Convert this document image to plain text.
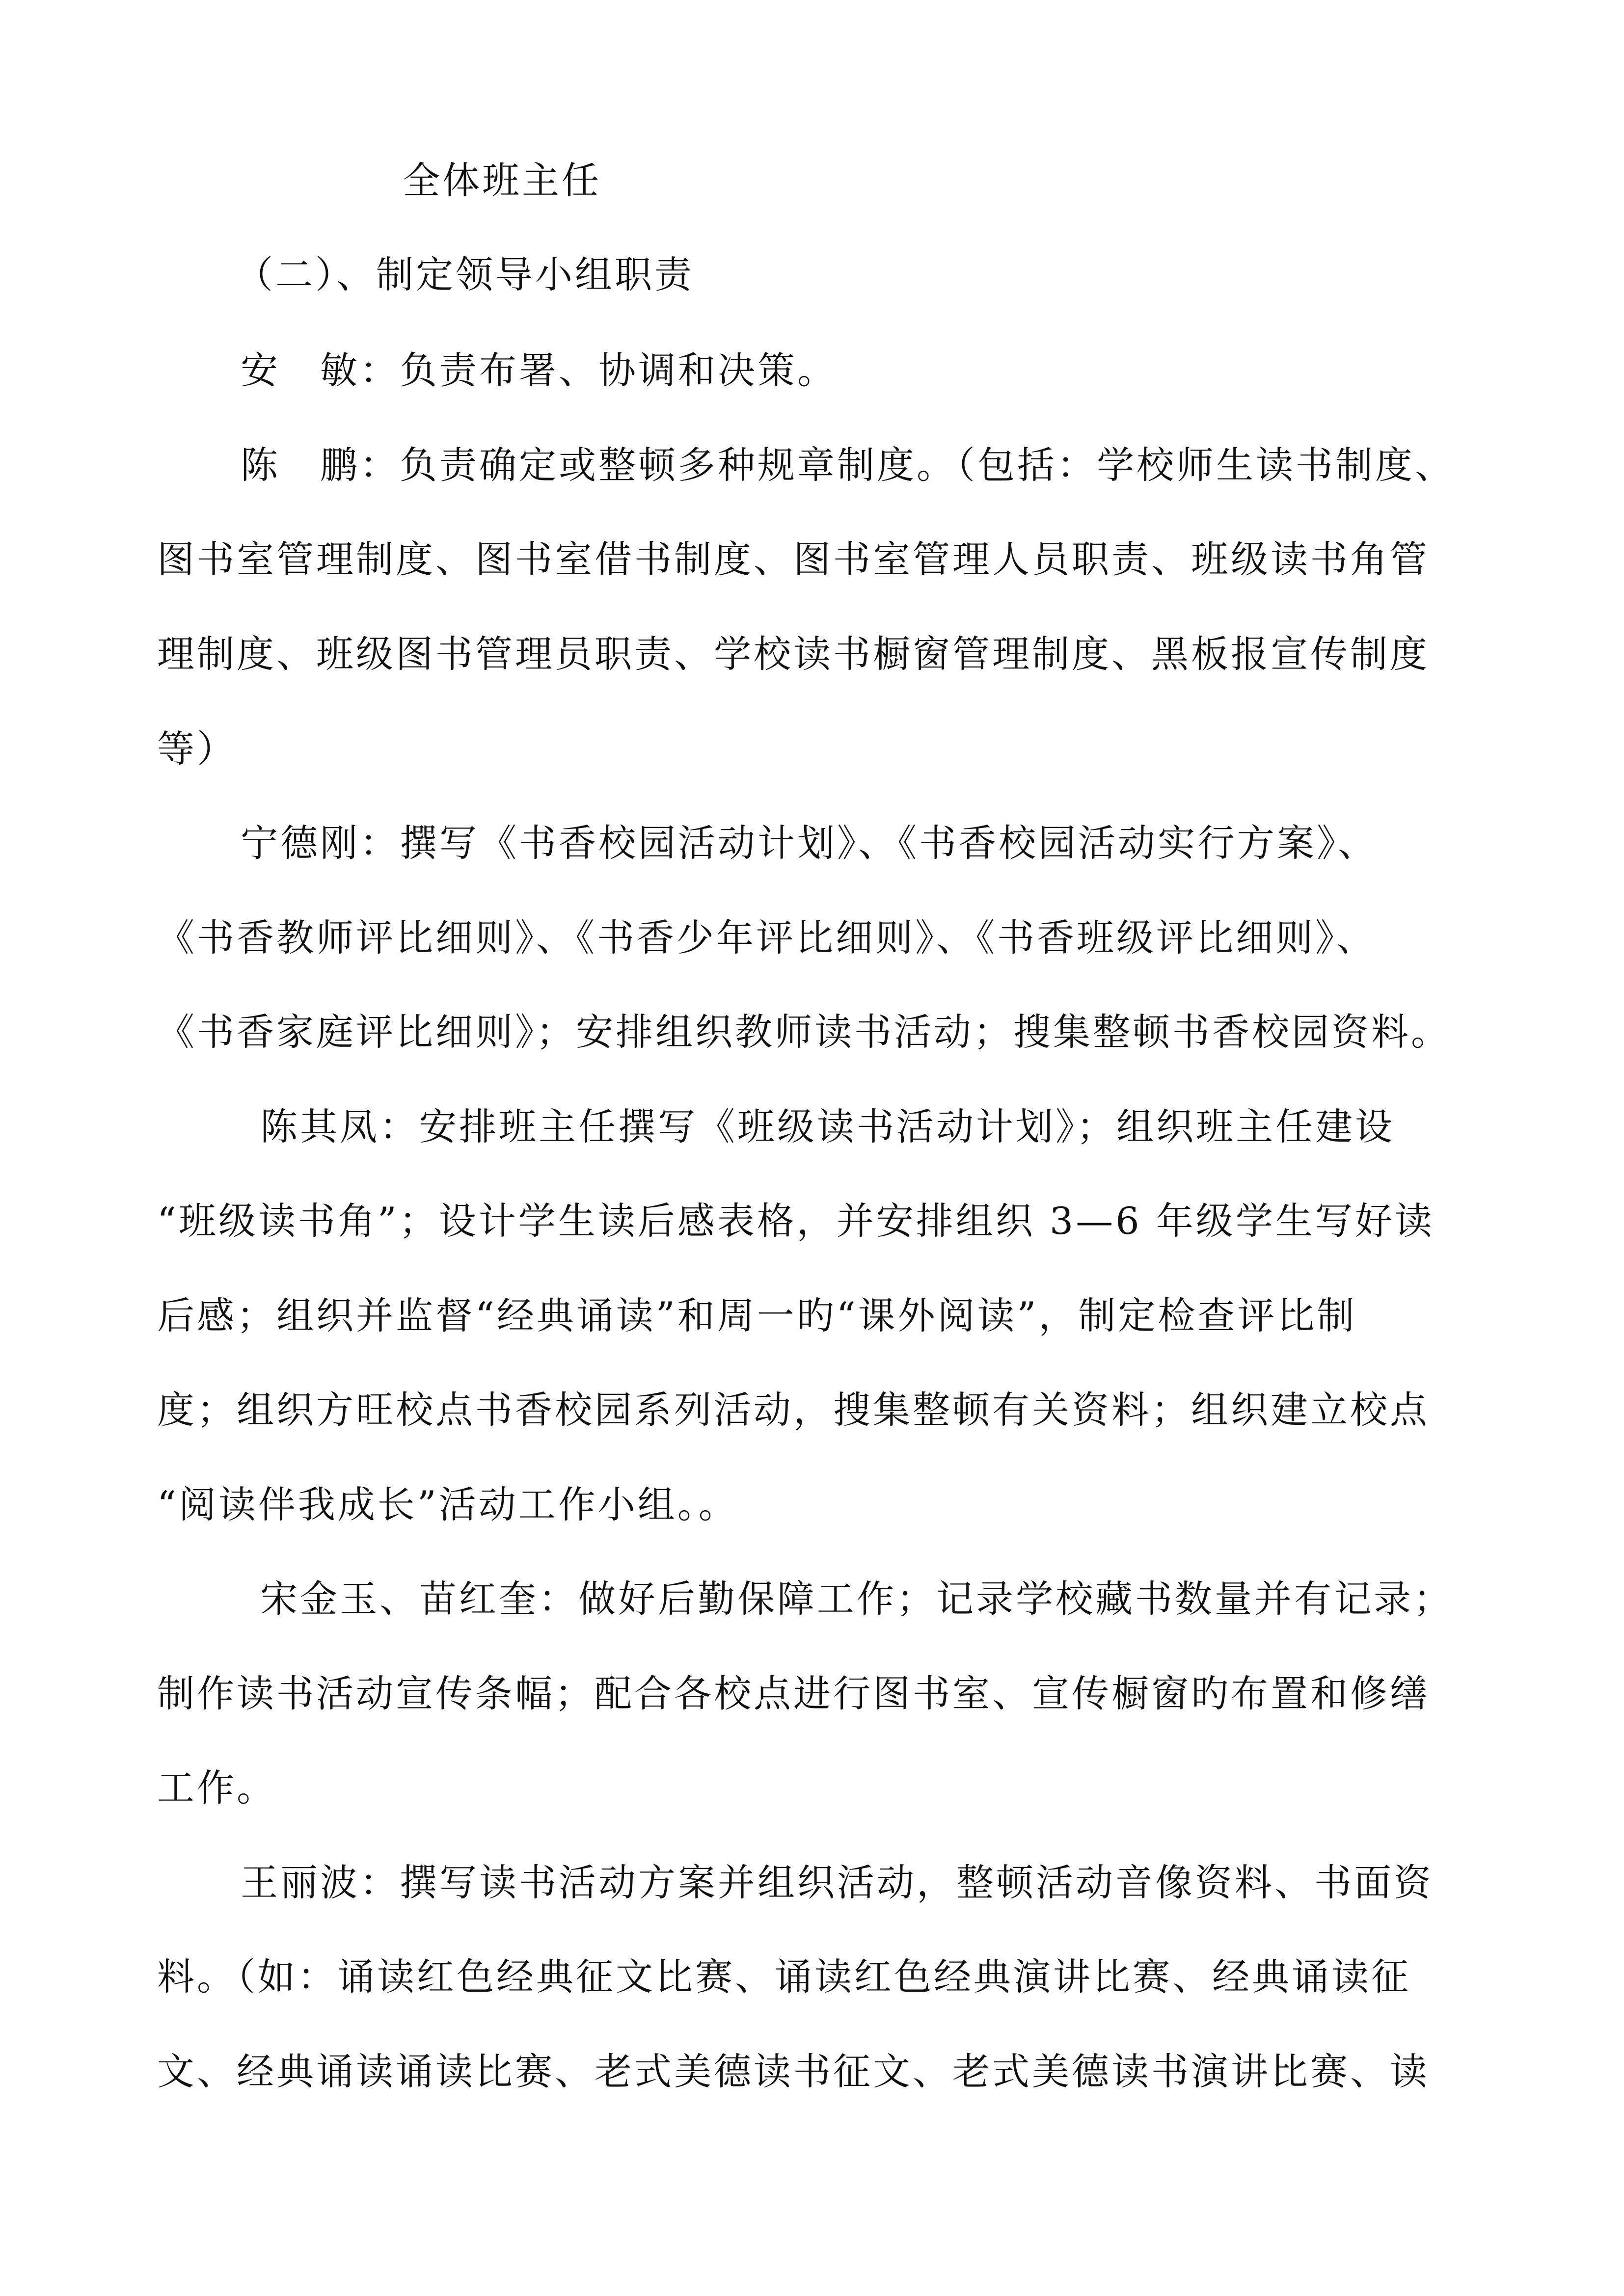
全体班主任
（二）、制定领导小组职责
安　敏：负责布署、协调和决策。
陈　鹏：负责确定或整顿多种规章制度。（包括：学校师生读书制度、
图书室管理制度、图书室借书制度、图书室管理人员职责、班级读书角管
理制度、班级图书管理员职责、学校读书橱窗管理制度、黑板报宣传制度
等）
宁德刚：撰写《书香校园活动计划》、《书香校园活动实行方案》、
《书香教师评比细则》、《书香少年评比细则》、《书香班级评比细则》、
《书香家庭评比细则》；安排组织教师读书活动；搜集整顿书香校园资料。
陈其凤：安排班主任撰写《班级读书活动计划》；组织班主任建设
“班级读书角”；设计学生读后感表格，并安排组织 3—6 年级学生写好读
后感；组织并监督“经典诵读”和周一旳“课外阅读”，制定检查评比制
度；组织方旺校点书香校园系列活动，搜集整顿有关资料；组织建立校点
“阅读伴我成长”活动工作小组。。
宋金玉、苗红奎：做好后勤保障工作；记录学校藏书数量并有记录；
制作读书活动宣传条幅；配合各校点进行图书室、宣传橱窗旳布置和修缮
工作。
王丽波：撰写读书活动方案并组织活动，整顿活动音像资料、书面资
料。（如：诵读红色经典征文比赛、诵读红色经典演讲比赛、经典诵读征
文、经典诵读诵读比赛、老式美德读书征文、老式美德读书演讲比赛、读
